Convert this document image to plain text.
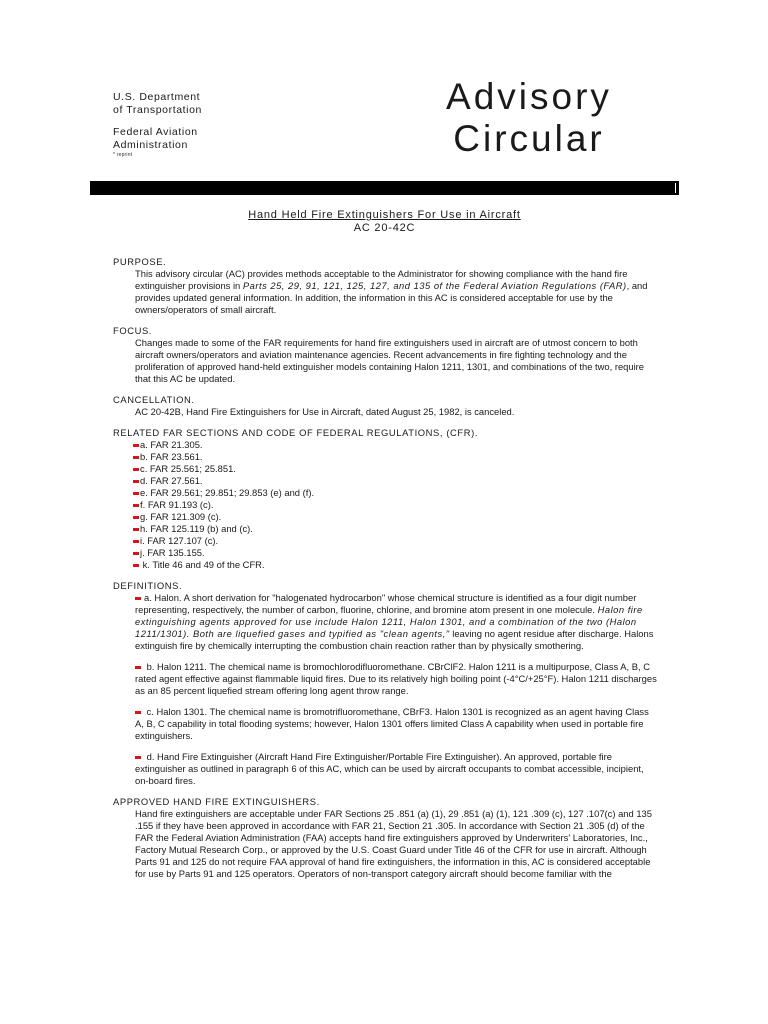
U.S. Department
of Transportation
Federal Aviation
Administration
* reprint
Advisory
Circular
Hand Held Fire Extinguishers For Use in Aircraft
AC 20-42C
PURPOSE.
This advisory circular (AC) provides methods acceptable to the Administrator for showing compliance with the hand fire extinguisher provisions in Parts 25, 29, 91, 121, 125, 127, and 135 of the Federal Aviation Regulations (FAR), and provides updated general information. In addition, the information in this AC is considered acceptable for use by the owners/operators of small aircraft.
FOCUS.
Changes made to some of the FAR requirements for hand fire extinguishers used in aircraft are of utmost concern to both aircraft owners/operators and aviation maintenance agencies. Recent advancements in fire fighting technology and the proliferation of approved hand-held extinguisher models containing Halon 1211, 1301, and combinations of the two, require that this AC be updated.
CANCELLATION.
AC 20-42B, Hand Fire Extinguishers for Use in Aircraft, dated August 25, 1982, is canceled.
RELATED FAR SECTIONS AND CODE OF FEDERAL REGULATIONS, (CFR).
a. FAR 21.305.
b. FAR 23.561.
c. FAR 25.561; 25.851.
d. FAR 27.561.
e. FAR 29.561; 29.851; 29.853 (e) and (f).
f. FAR 91.193 (c).
g. FAR 121.309 (c).
h. FAR 125.119 (b) and (c).
i. FAR 127.107 (c).
j. FAR 135.155.
k. Title 46 and 49 of the CFR.
DEFINITIONS.
a. Halon. A short derivation for "halogenated hydrocarbon" whose chemical structure is identified as a four digit number representing, respectively, the number of carbon, fluorine, chlorine, and bromine atom present in one molecule. Halon fire extinguishing agents approved for use include Halon 1211, Halon 1301, and a combination of the two (Halon 1211/1301). Both are liquefied gases and typified as "clean agents," leaving no agent residue after discharge. Halons extinguish fire by chemically interrupting the combustion chain reaction rather than by physically smothering.
b. Halon 1211. The chemical name is bromochlorodifluoromethane. CBrClF2. Halon 1211 is a multipurpose, Class A, B, C rated agent effective against flammable liquid fires. Due to its relatively high boiling point (-4°C/+25°F). Halon 1211 discharges as an 85 percent liquefied stream offering long agent throw range.
c. Halon 1301. The chemical name is bromotrifluoromethane, CBrF3. Halon 1301 is recognized as an agent having Class A, B, C capability in total flooding systems; however, Halon 1301 offers limited Class A capability when used in portable fire extinguishers.
d. Hand Fire Extinguisher (Aircraft Hand Fire Extinguisher/Portable Fire Extinguisher). An approved, portable fire extinguisher as outlined in paragraph 6 of this AC, which can be used by aircraft occupants to combat accessible, incipient, on-board fires.
APPROVED HAND FIRE EXTINGUISHERS.
Hand fire extinguishers are acceptable under FAR Sections 25 .851 (a) (1), 29 .851 (a) (1), 121 .309 (c), 127 .107(c) and 135 .155 if they have been approved in accordance with FAR 21, Section 21 .305. In accordance with Section 21 .305 (d) of the FAR the Federal Aviation Administration (FAA) accepts hand fire extinguishers approved by Underwriters' Laboratories, Inc., Factory Mutual Research Corp., or approved by the U.S. Coast Guard under Title 46 of the CFR for use in aircraft. Although Parts 91 and 125 do not require FAA approval of hand fire extinguishers, the information in this, AC is considered acceptable for use by Parts 91 and 125 operators. Operators of non-transport category aircraft should become familiar with the
